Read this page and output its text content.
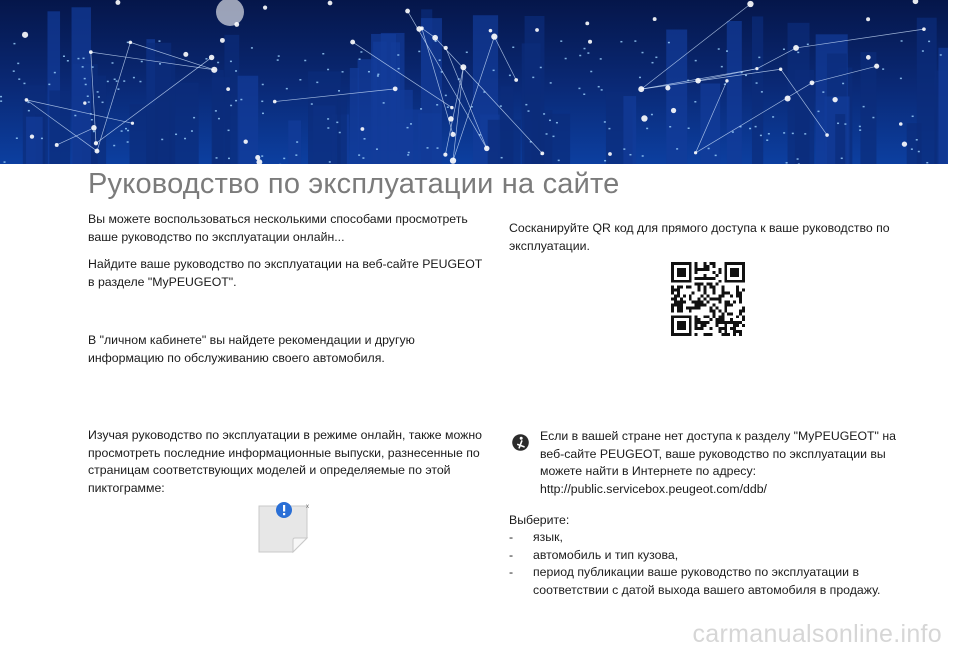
Руководство по эксплуатации на сайте

Вы можете воспользоваться несколькими способами просмотреть ваше руководство по эксплуатации онлайн...

Найдите ваше руководство по эксплуатации на веб-сайте PEUGEOT в разделе "MyPEUGEOT".

В "личном кабинете" вы найдете рекомендации и другую информацию по обслуживанию своего автомобиля.

Изучая руководство по эксплуатации в режиме онлайн, также можно просмотреть последние информационные выпуски, разнесенные по страницам соответствующих моделей и определяемые по этой пиктограмме:

x

Сосканируйте QR код для прямого доступа к ваше руководство по эксплуатации.

Если в вашей стране нет доступа к разделу "MyPEUGEOT" на веб-сайте PEUGEOT, ваше руководство по эксплуатации вы можете найти в Интернете по адресу:

http://public.servicebox.peugeot.com/ddb/

Выберите:

- язык,
- автомобиль и тип кузова,
- период публикации ваше руководство по эксплуатации в соответствии с датой выхода вашего автомобиля в продажу.
carmanualsonline.info
